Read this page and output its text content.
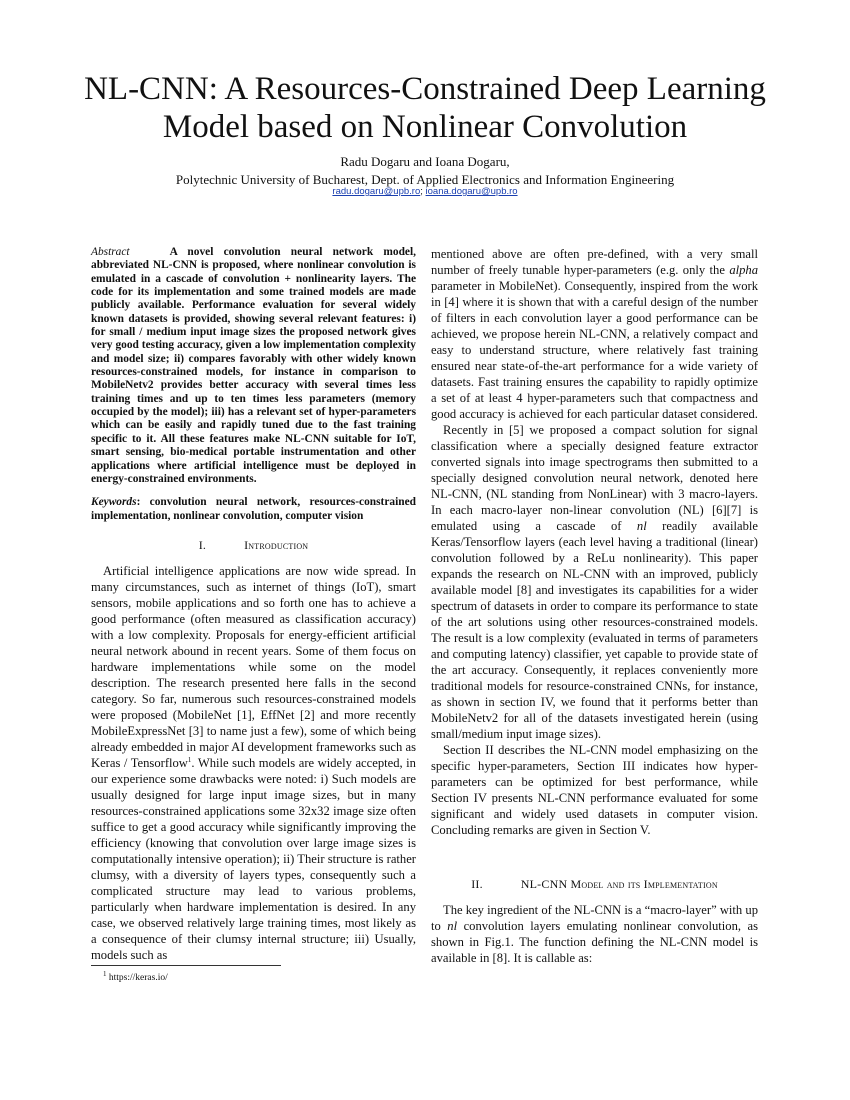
NL-CNN: A Resources-Constrained Deep Learning
Model based on Nonlinear Convolution
Radu Dogaru and Ioana Dogaru,
Polytechnic University of Bucharest, Dept. of Applied Electronics and Information Engineering
radu.dogaru@upb.ro; ioana.dogaru@upb.ro

Abstract	A novel convolution neural network model, abbreviated NL-CNN is proposed, where nonlinear convolution is emulated in a cascade of convolution + nonlinearity layers. The code for its implementation and some trained models are made publicly available. Performance evaluation for several widely known datasets is provided, showing several relevant features: i) for small / medium input image sizes the proposed network gives very good testing accuracy, given a low implementation complexity and model size; ii) compares favorably with other widely known resources-constrained models, for instance in comparison to MobileNetv2 provides better accuracy with several times less training times and up to ten times less parameters (memory occupied by the model); iii) has a relevant set of hyper-parameters which can be easily and rapidly tuned due to the fast training specific to it. All these features make NL-CNN suitable for IoT, smart sensing, bio-medical portable instrumentation and other applications where artificial intelligence must be deployed in energy-constrained environments.

Keywords: convolution neural network, resources-constrained implementation, nonlinear convolution, computer vision

I.	Introduction

Artificial intelligence applications are now wide spread. In many circumstances, such as internet of things (IoT), smart sensors, mobile applications and so forth one has to achieve a good performance (often measured as classification accuracy) with a low complexity. Proposals for energy-efficient artificial neural network abound in recent years. Some of them focus on hardware implementations while some on the model description. The research presented here falls in the second category. So far, numerous such resources-constrained models were proposed (MobileNet [1], EffNet [2] and more recently MobileExpressNet [3] to name just a few), some of which being already embedded in major AI development frameworks such as Keras / Tensorflow$^1$. While such models are widely accepted, in our experience some drawbacks were noted: i) Such models are usually designed for large input image sizes, but in many resources-constrained applications some 32x32 image size often suffice to get a good accuracy while significantly improving the efficiency (knowing that convolution over large image sizes is computationally intensive operation); ii) Their structure is rather clumsy, with a diversity of layers types, consequently such a complicated structure may lead to various problems, particularly when hardware implementation is desired. In any case, we observed relatively large training times, most likely as a consequence of their clumsy internal structure; iii) Usually, models such as

mentioned above are often pre-defined, with a very small number of freely tunable hyper-parameters (e.g. only the alpha parameter in MobileNet). Consequently, inspired from the work in [4] where it is shown that with a careful design of the number of filters in each convolution layer a good performance can be achieved, we propose herein NL-CNN, a relatively compact and easy to understand structure, where relatively fast training ensured near state-of-the-art performance for a wide variety of datasets. Fast training ensures the capability to rapidly optimize a set of at least 4 hyper-parameters such that compactness and good accuracy is achieved for each particular dataset considered.

Recently in [5] we proposed a compact solution for signal classification where a specially designed feature extractor converted signals into image spectrograms then submitted to a specially designed convolution neural network, denoted here NL-CNN, (NL standing from NonLinear) with 3 macro-layers. In each macro-layer non-linear convolution (NL) [6][7] is emulated using a cascade of nl readily available Keras/Tensorflow layers (each level having a traditional (linear) convolution followed by a ReLu nonlinearity). This paper expands the research on NL-CNN with an improved, publicly available model [8] and investigates its capabilities for a wider spectrum of datasets in order to compare its performance to state of the art solutions using other resources-constrained models. The result is a low complexity (evaluated in terms of parameters and computing latency) classifier, yet capable to provide state of the art accuracy. Consequently, it replaces conveniently more traditional models for resource-constrained CNNs, for instance, as shown in section IV, we found that it performs better than MobileNetv2 for all of the datasets investigated herein (using small/medium input image sizes).

Section II describes the NL-CNN model emphasizing on the specific hyper-parameters, Section III indicates how hyper-parameters can be optimized for best performance, while Section IV presents NL-CNN performance evaluated for some significant and widely used datasets in computer vision. Concluding remarks are given in Section V.

II.	NL-CNN Model and its Implementation

The key ingredient of the NL-CNN is a “macro-layer” with up to nl convolution layers emulating nonlinear convolution, as shown in Fig.1. The function defining the NL-CNN model is available in [8]. It is callable as:

$^1$ https://keras.io/
